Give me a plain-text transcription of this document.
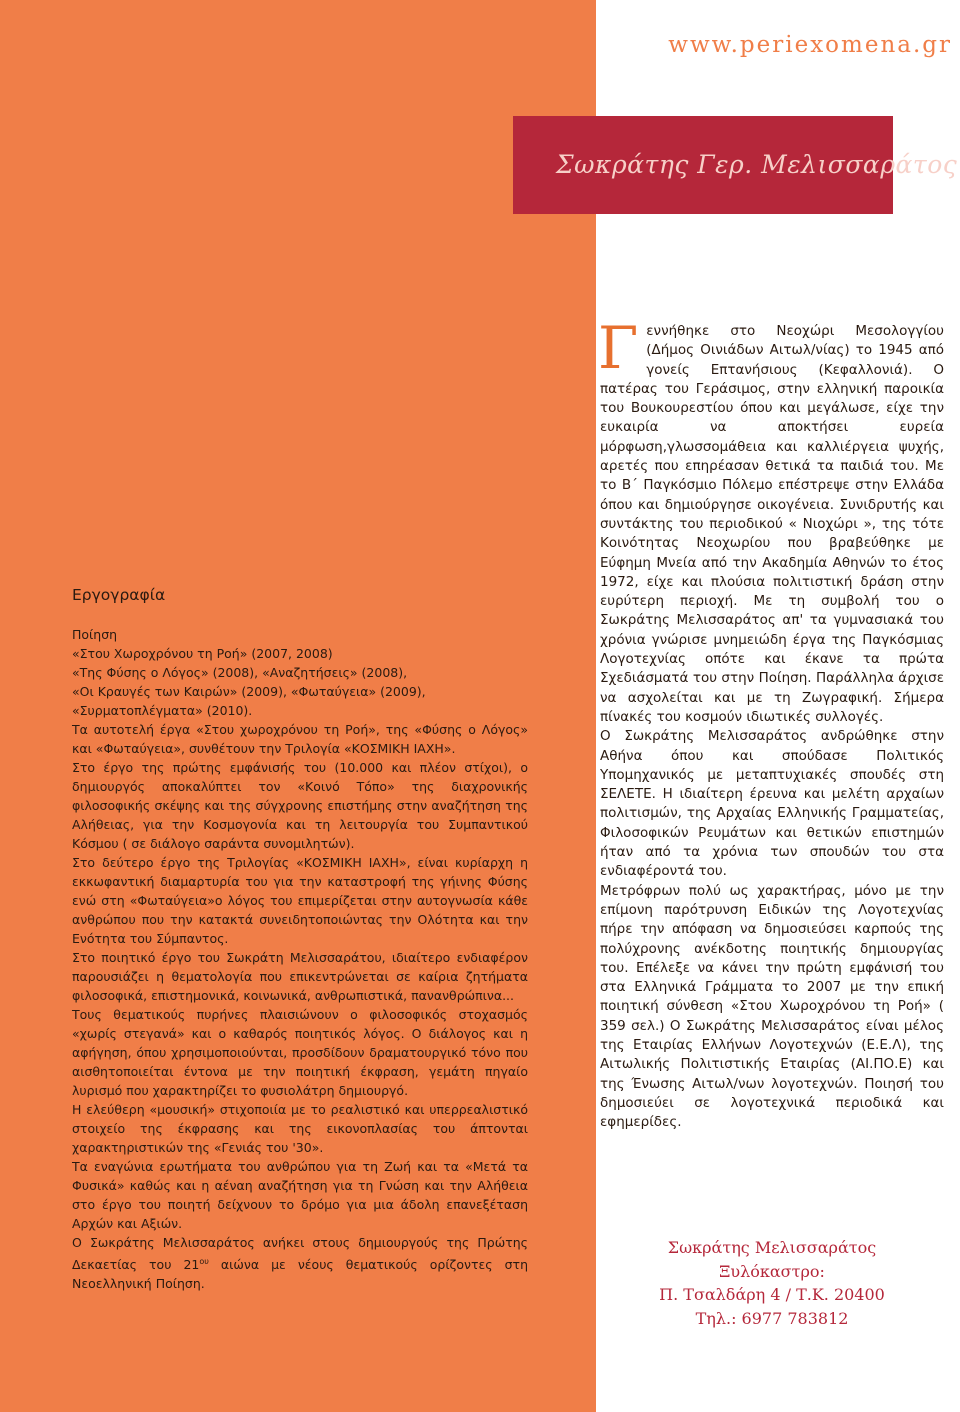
www.periexomena.gr
Σωκράτης Γερ. Μελισσαράτος

Εργογραφία

Ποίηση

«Στου Χωροχρόνου τη Ροή» (2007, 2008)

«Της Φύσης ο Λόγος» (2008), «Αναζητήσεις» (2008),

«Οι Κραυγές των Καιρών» (2009), «Φωταύγεια» (2009),

«Συρματοπλέγματα» (2010).

Τα αυτοτελή έργα «Στου χωροχρόνου τη Ροή», της «Φύσης ο Λόγος» και «Φωταύγεια», συνθέτουν την Τριλογία «ΚΟΣΜΙΚΗ ΙΑΧΗ».

Στο έργο της πρώτης εμφάνισής του (10.000 και πλέον στίχοι), ο δημιουργός αποκαλύπτει τον «Κοινό Τόπο» της διαχρονικής φιλοσοφικής σκέψης και της σύγχρονης επιστήμης στην αναζήτηση της Αλήθειας, για την Κοσμογονία και τη λειτουργία του Συμπαντικού Κόσμου ( σε διάλογο σαράντα συνομιλητών).

Στο δεύτερο έργο της Τριλογίας «ΚΟΣΜΙΚΗ ΙΑΧΗ», είναι κυρίαρχη η εκκωφαντική διαμαρτυρία του για την καταστροφή της γήινης Φύσης ενώ στη «Φωταύγεια»ο λόγος του επιμερίζεται στην αυτογνωσία κάθε ανθρώπου που την κατακτά συνειδητοποιώντας την Ολότητα και την Ενότητα του Σύμπαντος.

Στο ποιητικό έργο του Σωκράτη Μελισσαράτου, ιδιαίτερο ενδιαφέρον παρουσιάζει η θεματολογία που επικεντρώνεται σε καίρια ζητήματα φιλοσοφικά, επιστημονικά, κοινωνικά, ανθρωπιστικά, πανανθρώπινα...

Τους θεματικούς πυρήνες πλαισιώνουν ο φιλοσοφικός στοχασμός «χωρίς στεγανά» και ο καθαρός ποιητικός λόγος. Ο διάλογος και η αφήγηση, όπου χρησιμοποιούνται, προσδίδουν δραματουργικό τόνο που αισθητοποιείται έντονα με την ποιητική έκφραση, γεμάτη πηγαίο λυρισμό που χαρακτηρίζει το φυσιολάτρη δημιουργό.

Η ελεύθερη «μουσική» στιχοποιία με το ρεαλιστικό και υπερρεαλιστικό στοιχείο της έκφρασης και της εικονοπλασίας του άπτονται χαρακτηριστικών της «Γενιάς του '30».

Τα εναγώνια ερωτήματα του ανθρώπου για τη Ζωή και τα «Μετά τα Φυσικά» καθώς και η αέναη αναζήτηση για τη Γνώση και την Αλήθεια στο έργο του ποιητή δείχνουν το δρόμο για μια άδολη επανεξέταση Αρχών και Αξιών.

Ο Σωκράτης Μελισσαράτος ανήκει στους δημιουργούς της Πρώτης Δεκαετίας του $21^{o\upsilon}$ αιώνα με νέους θεματικούς ορίζοντες στη Νεοελληνική Ποίηση.

Γεννήθηκε στο Νεοχώρι Μεσολογγίου (Δήμος Οινιάδων Αιτωλ/νίας) το 1945 από γονείς Επτανήσιους (Κεφαλλονιά). Ο πατέρας του Γεράσιμος, στην ελληνική παροικία του Βουκουρεστίου όπου και μεγάλωσε, είχε την ευκαιρία να αποκτήσει ευρεία μόρφωση,γλωσσομάθεια και καλλιέργεια ψυχής, αρετές που επηρέασαν θετικά τα παιδιά του. Με το Β΄ Παγκόσμιο Πόλεμο επέστρεψε στην Ελλάδα όπου και δημιούργησε οικογένεια. Συνιδρυτής και συντάκτης του περιοδικού « Νιοχώρι », της τότε Κοινότητας Νεοχωρίου που βραβεύθηκε με Εύφημη Μνεία από την Ακαδημία Αθηνών το έτος 1972, είχε και πλούσια πολιτιστική δράση στην ευρύτερη περιοχή. Με τη συμβολή του ο Σωκράτης Μελισσαράτος απ' τα γυμνασιακά του χρόνια γνώρισε μνημειώδη έργα της Παγκόσμιας Λογοτεχνίας οπότε και έκανε τα πρώτα Σχεδιάσματά του στην Ποίηση. Παράλληλα άρχισε να ασχολείται και με τη Ζωγραφική. Σήμερα πίνακές του κοσμούν ιδιωτικές συλλογές.

Ο Σωκράτης Μελισσαράτος ανδρώθηκε στην Αθήνα όπου και σπούδασε Πολιτικός Υπομηχανικός με μεταπτυχιακές σπουδές στη ΣΕΛΕΤΕ. Η ιδιαίτερη έρευνα και μελέτη αρχαίων πολιτισμών, της Αρχαίας Ελληνικής Γραμματείας, Φιλοσοφικών Ρευμάτων και θετικών επιστημών ήταν από τα χρόνια των σπουδών του στα ενδιαφέροντά του.

Μετρόφρων πολύ ως χαρακτήρας, μόνο με την επίμονη παρότρυνση Ειδικών της Λογοτεχνίας πήρε την απόφαση να δημοσιεύσει καρπούς της πολύχρονης ανέκδοτης ποιητικής δημιουργίας του. Επέλεξε να κάνει την πρώτη εμφάνισή του στα Ελληνικά Γράμματα το 2007 με την επική ποιητική σύνθεση «Στου Χωροχρόνου τη Ροή» ( 359 σελ.) Ο Σωκράτης Μελισσαράτος είναι μέλος της Εταιρίας Ελλήνων Λογοτεχνών (Ε.Ε.Λ), της Αιτωλικής Πολιτιστικής Εταιρίας (ΑΙ.ΠΟ.Ε) και της Ένωσης Αιτωλ/νων λογοτεχνών. Ποιησή του δημοσιεύει σε λογοτεχνικά περιοδικά και εφημερίδες.

Σωκράτης Μελισσαράτος
Ξυλόκαστρο:
Π. Τσαλδάρη 4 / Τ.Κ. 20400
Τηλ.: 6977 783812
